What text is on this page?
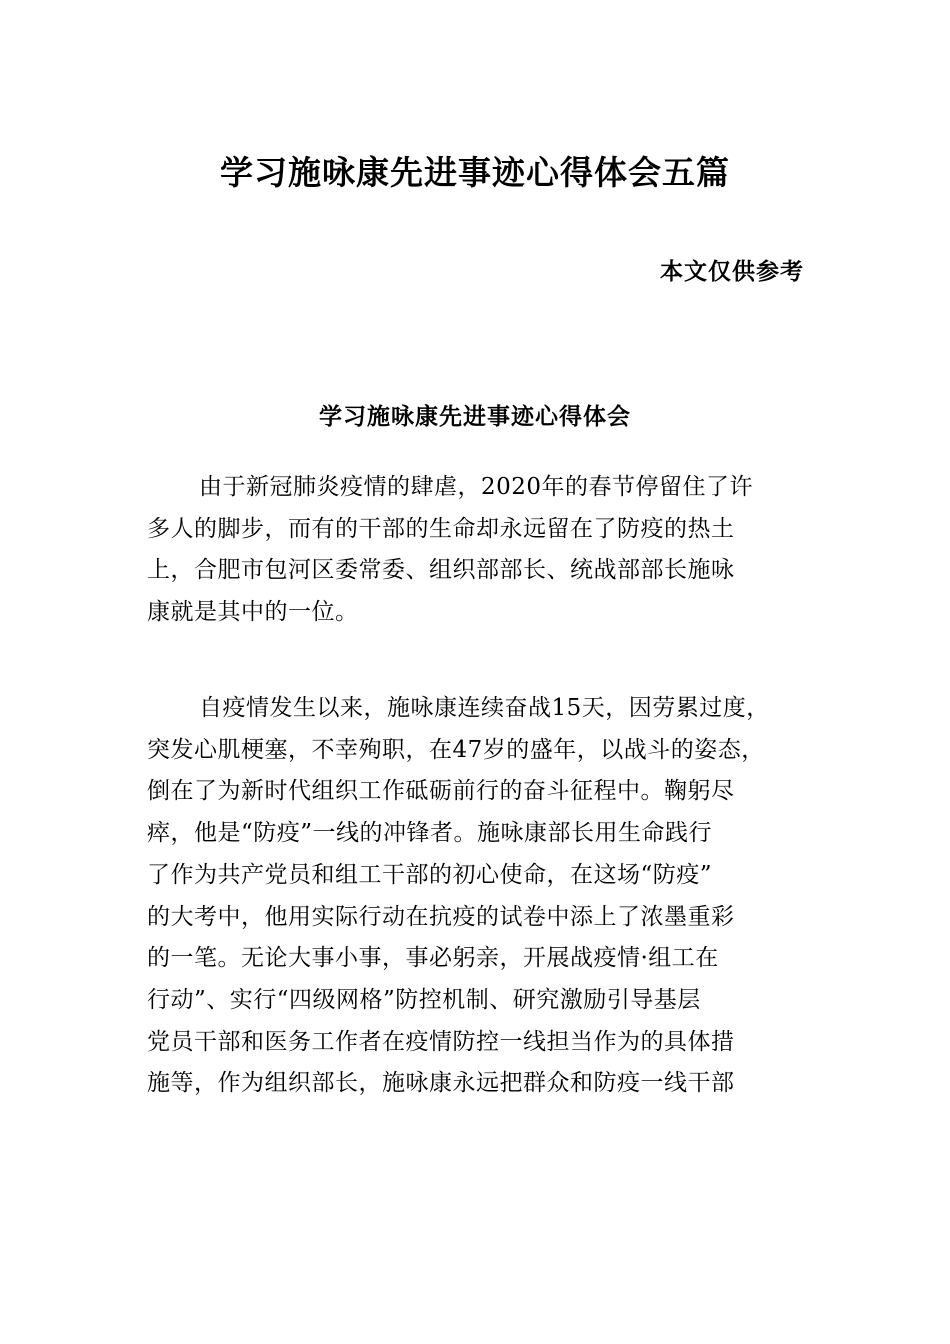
学习施咏康先进事迹心得体会五篇
本文仅供参考
学习施咏康先进事迹心得体会

由于新冠肺炎疫情的肆虐，2020年的春节停留住了许
多人的脚步，而有的干部的生命却永远留在了防疫的热土
上，合肥市包河区委常委、组织部部长、统战部部长施咏
康就是其中的一位。

自疫情发生以来，施咏康连续奋战15天，因劳累过度，
突发心肌梗塞，不幸殉职，在47岁的盛年，以战斗的姿态，
倒在了为新时代组织工作砥砺前行的奋斗征程中。鞠躬尽
瘁，他是“防疫”一线的冲锋者。施咏康部长用生命践行
了作为共产党员和组工干部的初心使命，在这场“防疫”
的大考中，他用实际行动在抗疫的试卷中添上了浓墨重彩
的一笔。无论大事小事，事必躬亲，开展战疫情·组工在
行动”、实行“四级网格”防控机制、研究激励引导基层
党员干部和医务工作者在疫情防控一线担当作为的具体措
施等，作为组织部长，施咏康永远把群众和防疫一线干部
